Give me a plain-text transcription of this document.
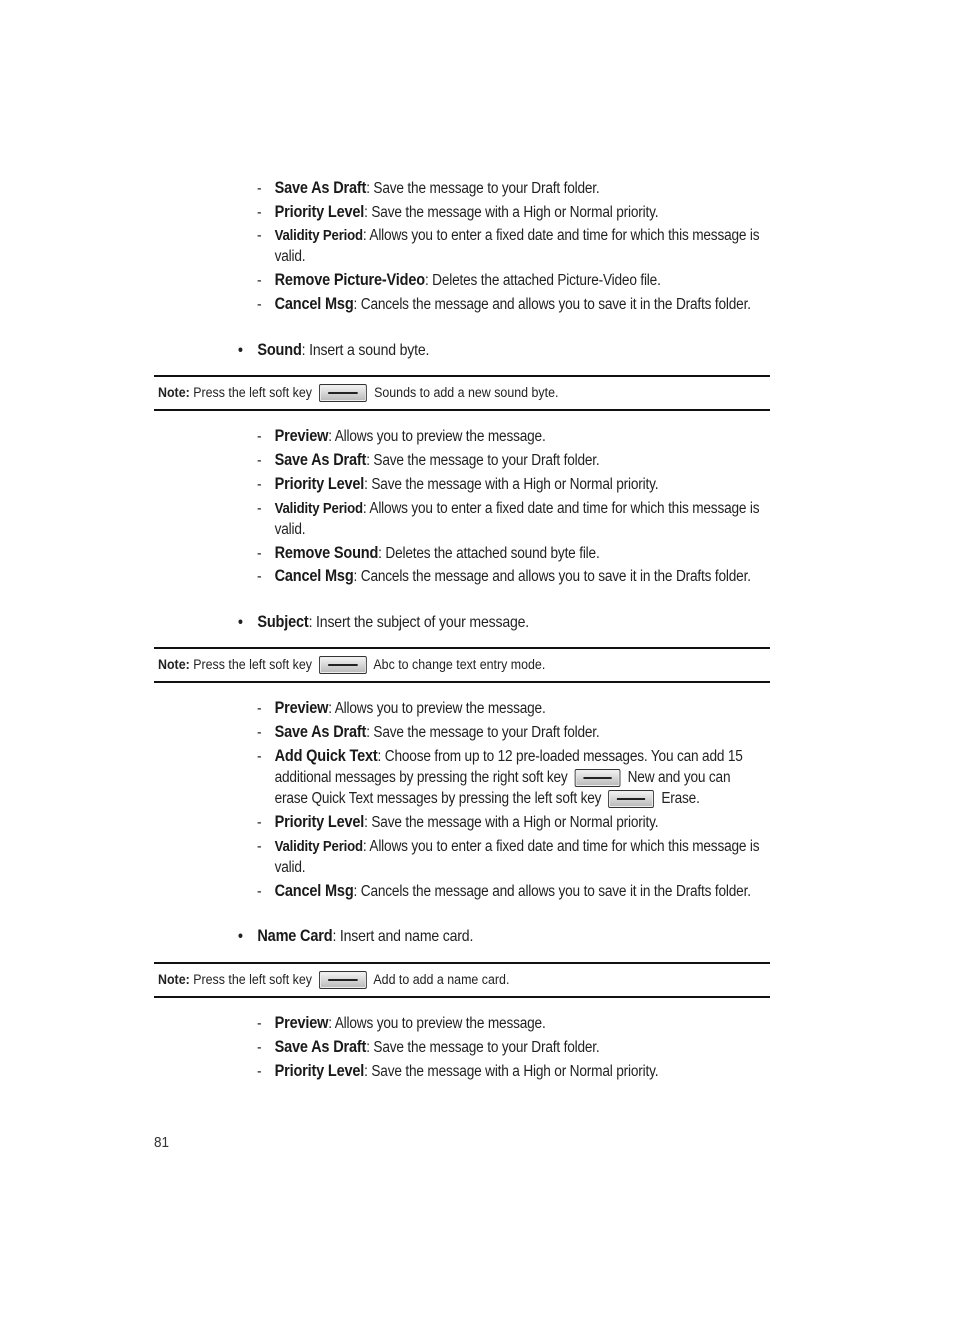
- Save As Draft: Save the message to your Draft folder.
- Priority Level: Save the message with a High or Normal priority.
- Validity Period: Allows you to enter a fixed date and time for which this message is valid.
- Remove Picture-Video: Deletes the attached Picture-Video file.
- Cancel Msg: Cancels the message and allows you to save it in the Drafts folder.
• Sound: Insert a sound byte.
Note: Press the left soft key	Sounds to add a new sound byte.
- Preview: Allows you to preview the message.
- Save As Draft: Save the message to your Draft folder.
- Priority Level: Save the message with a High or Normal priority.
- Validity Period: Allows you to enter a fixed date and time for which this message is valid.
- Remove Sound: Deletes the attached sound byte file.
- Cancel Msg: Cancels the message and allows you to save it in the Drafts folder.
• Subject: Insert the subject of your message.
Note: Press the left soft key	Abc to change text entry mode.
- Preview: Allows you to preview the message.
- Save As Draft: Save the message to your Draft folder.
- Add Quick Text: Choose from up to 12 pre-loaded messages. You can add 15 additional messages by pressing the right soft key	New and you can erase Quick Text messages by pressing the left soft key	Erase.
- Priority Level: Save the message with a High or Normal priority.
- Validity Period: Allows you to enter a fixed date and time for which this message is valid.
- Cancel Msg: Cancels the message and allows you to save it in the Drafts folder.
• Name Card: Insert and name card.
Note: Press the left soft key	Add to add a name card.
- Preview: Allows you to preview the message.
- Save As Draft: Save the message to your Draft folder.
- Priority Level: Save the message with a High or Normal priority.
81
